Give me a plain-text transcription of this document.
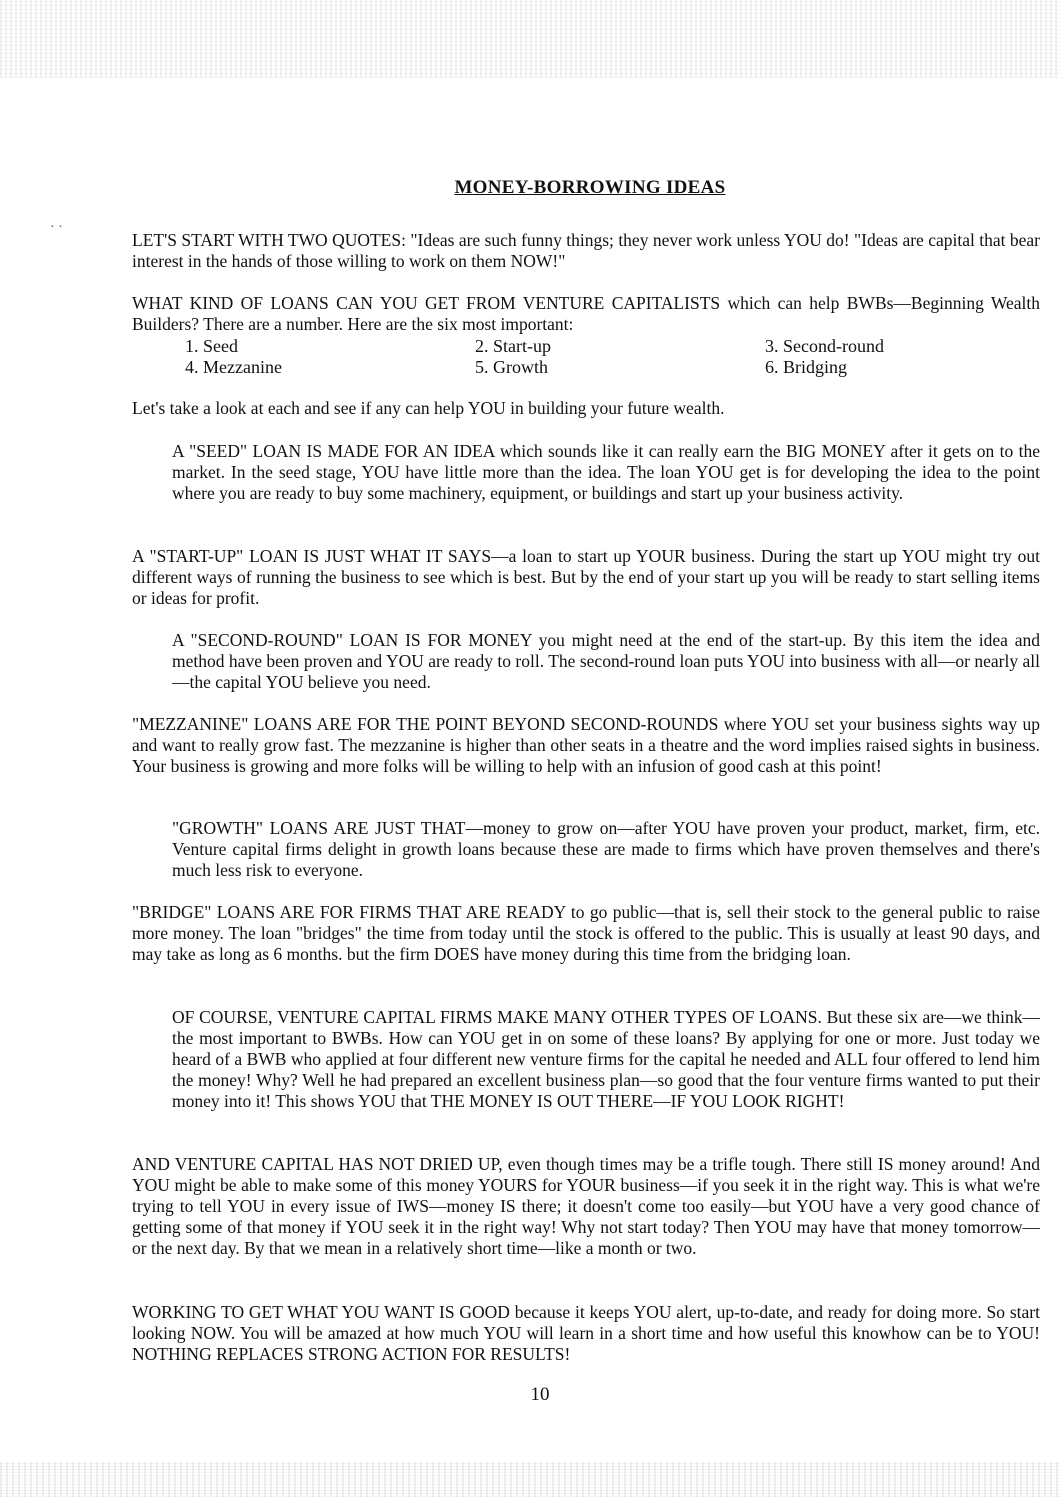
· ·
MONEY-BORROWING IDEAS

LET'S START WITH TWO QUOTES: "Ideas are such funny things; they never work unless YOU do! "Ideas are capital that bear interest in the hands of those willing to work on them NOW!"

WHAT KIND OF LOANS CAN YOU GET FROM VENTURE CAPITALISTS which can help BWBs—Beginning Wealth Builders? There are a number. Here are the six most important:

1. Seed	2. Start-up	3. Second-round
4. Mezzanine	5. Growth	6. Bridging

Let's take a look at each and see if any can help YOU in building your future wealth.

A "SEED" LOAN IS MADE FOR AN IDEA which sounds like it can really earn the BIG MONEY after it gets on to the market. In the seed stage, YOU have little more than the idea. The loan YOU get is for developing the idea to the point where you are ready to buy some machinery, equipment, or buildings and start up your business activity.

A "START-UP" LOAN IS JUST WHAT IT SAYS—a loan to start up YOUR business. During the start up YOU might try out different ways of running the business to see which is best. But by the end of your start up you will be ready to start selling items or ideas for profit.

A "SECOND-ROUND" LOAN IS FOR MONEY you might need at the end of the start-up. By this item the idea and method have been proven and YOU are ready to roll. The second-round loan puts YOU into business with all—or nearly all—the capital YOU believe you need.

"MEZZANINE" LOANS ARE FOR THE POINT BEYOND SECOND-ROUNDS where YOU set your business sights way up and want to really grow fast. The mezzanine is higher than other seats in a theatre and the word implies raised sights in business. Your business is growing and more folks will be willing to help with an infusion of good cash at this point!

"GROWTH" LOANS ARE JUST THAT—money to grow on—after YOU have proven your product, market, firm, etc. Venture capital firms delight in growth loans because these are made to firms which have proven themselves and there's much less risk to everyone.

"BRIDGE" LOANS ARE FOR FIRMS THAT ARE READY to go public—that is, sell their stock to the general public to raise more money. The loan "bridges" the time from today until the stock is offered to the public. This is usually at least 90 days, and may take as long as 6 months. but the firm DOES have money during this time from the bridging loan.

OF COURSE, VENTURE CAPITAL FIRMS MAKE MANY OTHER TYPES OF LOANS. But these six are—we think—the most important to BWBs. How can YOU get in on some of these loans? By applying for one or more. Just today we heard of a BWB who applied at four different new venture firms for the capital he needed and ALL four offered to lend him the money! Why? Well he had prepared an excellent business plan—so good that the four venture firms wanted to put their money into it! This shows YOU that THE MONEY IS OUT THERE—IF YOU LOOK RIGHT!

AND VENTURE CAPITAL HAS NOT DRIED UP, even though times may be a trifle tough. There still IS money around! And YOU might be able to make some of this money YOURS for YOUR business—if you seek it in the right way. This is what we're trying to tell YOU in every issue of IWS—money IS there; it doesn't come too easily—but YOU have a very good chance of getting some of that money if YOU seek it in the right way! Why not start today? Then YOU may have that money tomorrow—or the next day. By that we mean in a relatively short time—like a month or two.

WORKING TO GET WHAT YOU WANT IS GOOD because it keeps YOU alert, up-to-date, and ready for doing more. So start looking NOW. You will be amazed at how much YOU will learn in a short time and how useful this knowhow can be to YOU! NOTHING REPLACES STRONG ACTION FOR RESULTS!

10
